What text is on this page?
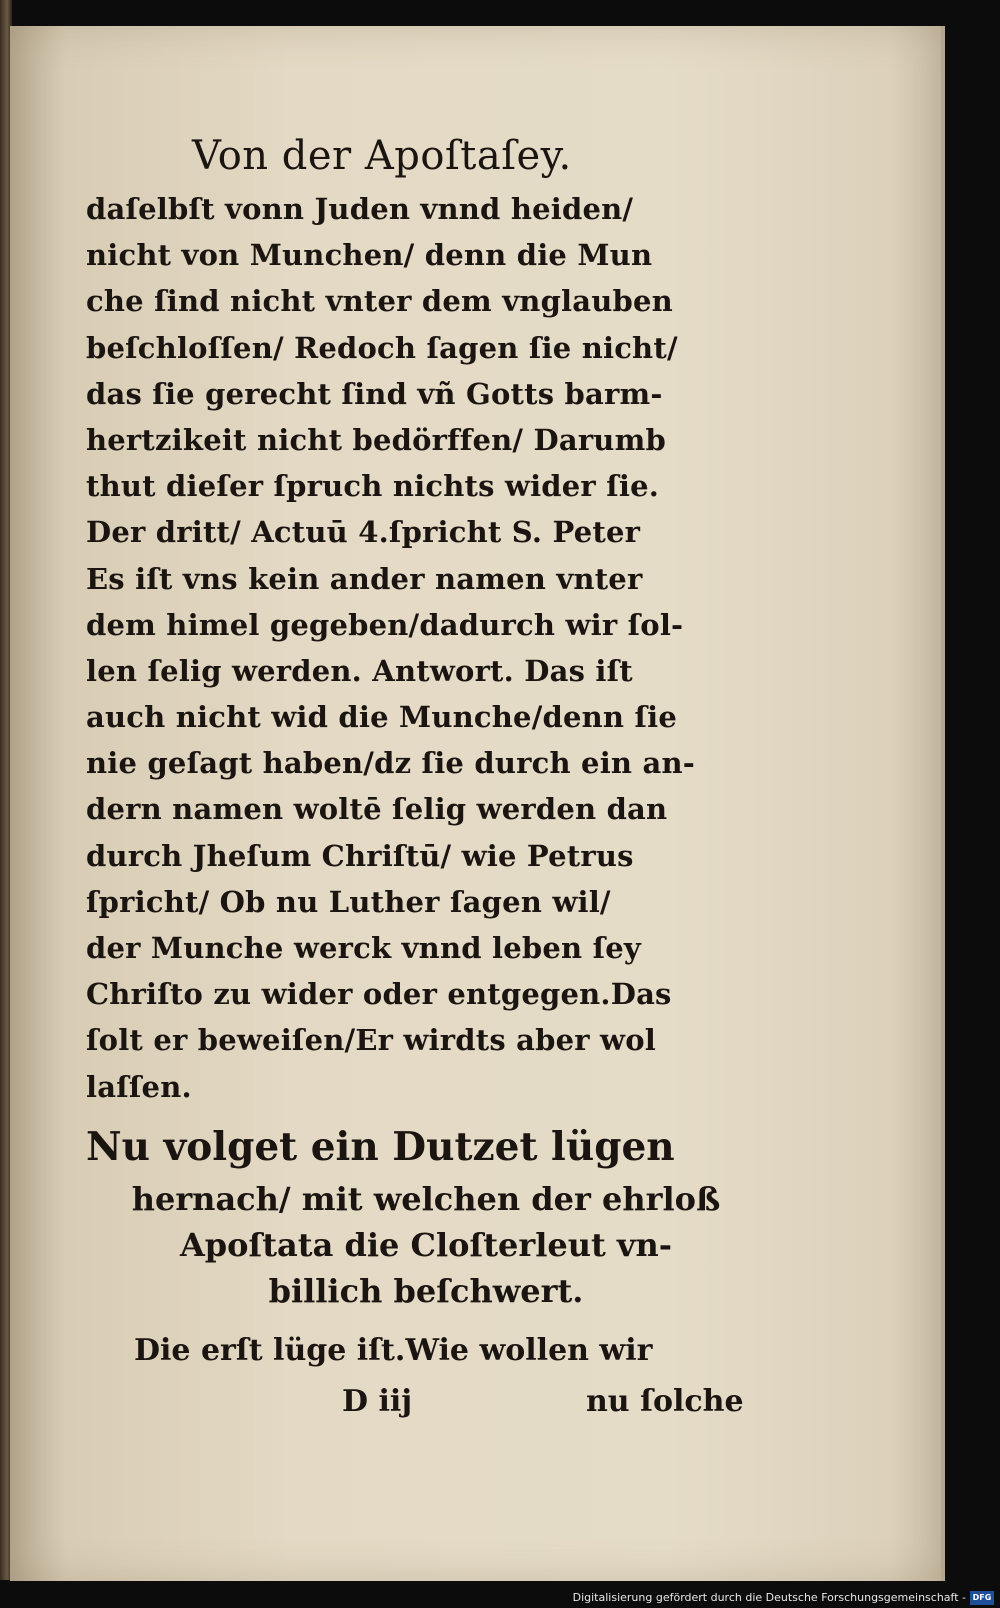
Von der Apoſtaſey.
daſelbſt vonn Juden vnnd heiden/
nicht von Munchen/ denn die Mun
che ſind nicht vnter dem vnglauben
beſchloſſen/ Redoch ſagen ſie nicht/
das ſie gerecht ſind vñ Gotts barm-
hertzikeit nicht bedörffen/ Darumb
thut dieſer ſpruch nichts wider ſie.
Der dritt/ Actuū 4.ſpricht S. Peter
Es iſt vns kein ander namen vnter
dem himel gegeben/dadurch wir ſol-
len ſelig werden. Antwort. Das iſt
auch nicht wid die Munche/denn ſie
nie geſagt haben/dz ſie durch ein an-
dern namen woltē ſelig werden dan
durch Jheſum Chriſtū/ wie Petrus
ſpricht/ Ob nu Luther ſagen wil/
der Munche werck vnnd leben ſey
Chriſto zu wider oder entgegen.Das
ſolt er beweiſen/Er wirdts aber wol
laſſen.
Nu volget ein Dutzet lügen
hernach/ mit welchen der ehrloß
Apoſtata die Cloſterleut vn-
billich beſchwert.
Die erſt lüge iſt.Wie wollen wir
D iij	nu ſolche
Digitalisierung gefördert durch die Deutsche Forschungsgemeinschaft - DFG
